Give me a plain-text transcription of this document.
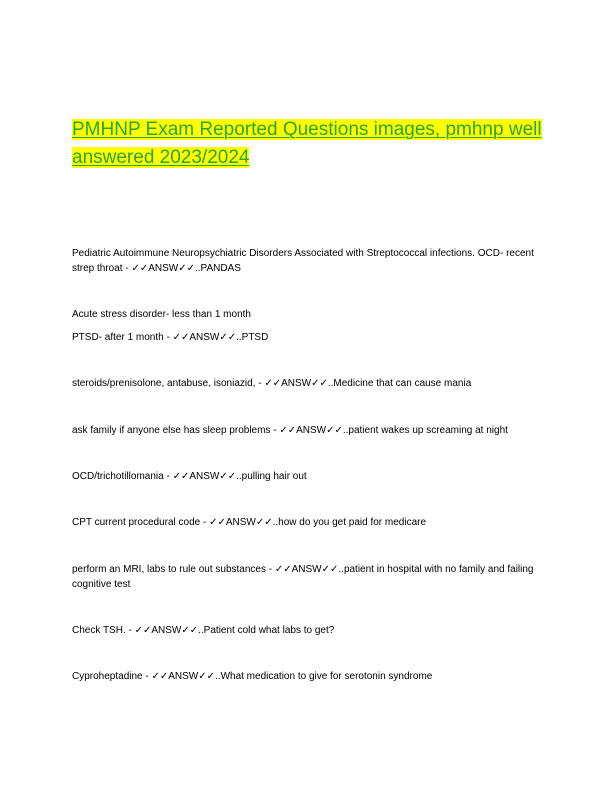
PMHNP Exam Reported Questions images, pmhnp well answered 2023/2024

Pediatric Autoimmune Neuropsychiatric Disorders Associated with Streptococcal infections. OCD- recent strep throat - ✓✓ANSW✓✓..PANDAS

Acute stress disorder- less than 1 month

PTSD- after 1 month - ✓✓ANSW✓✓..PTSD

steroids/prenisolone, antabuse, isoniazid, - ✓✓ANSW✓✓..Medicine that can cause mania

ask family if anyone else has sleep problems - ✓✓ANSW✓✓..patient wakes up screaming at night

OCD/trichotillomania - ✓✓ANSW✓✓..pulling hair out

CPT current procedural code - ✓✓ANSW✓✓..how do you get paid for medicare

perform an MRI, labs to rule out substances - ✓✓ANSW✓✓..patient in hospital with no family and failing cognitive test

Check TSH. - ✓✓ANSW✓✓..Patient cold what labs to get?

Cyproheptadine - ✓✓ANSW✓✓..What medication to give for serotonin syndrome
